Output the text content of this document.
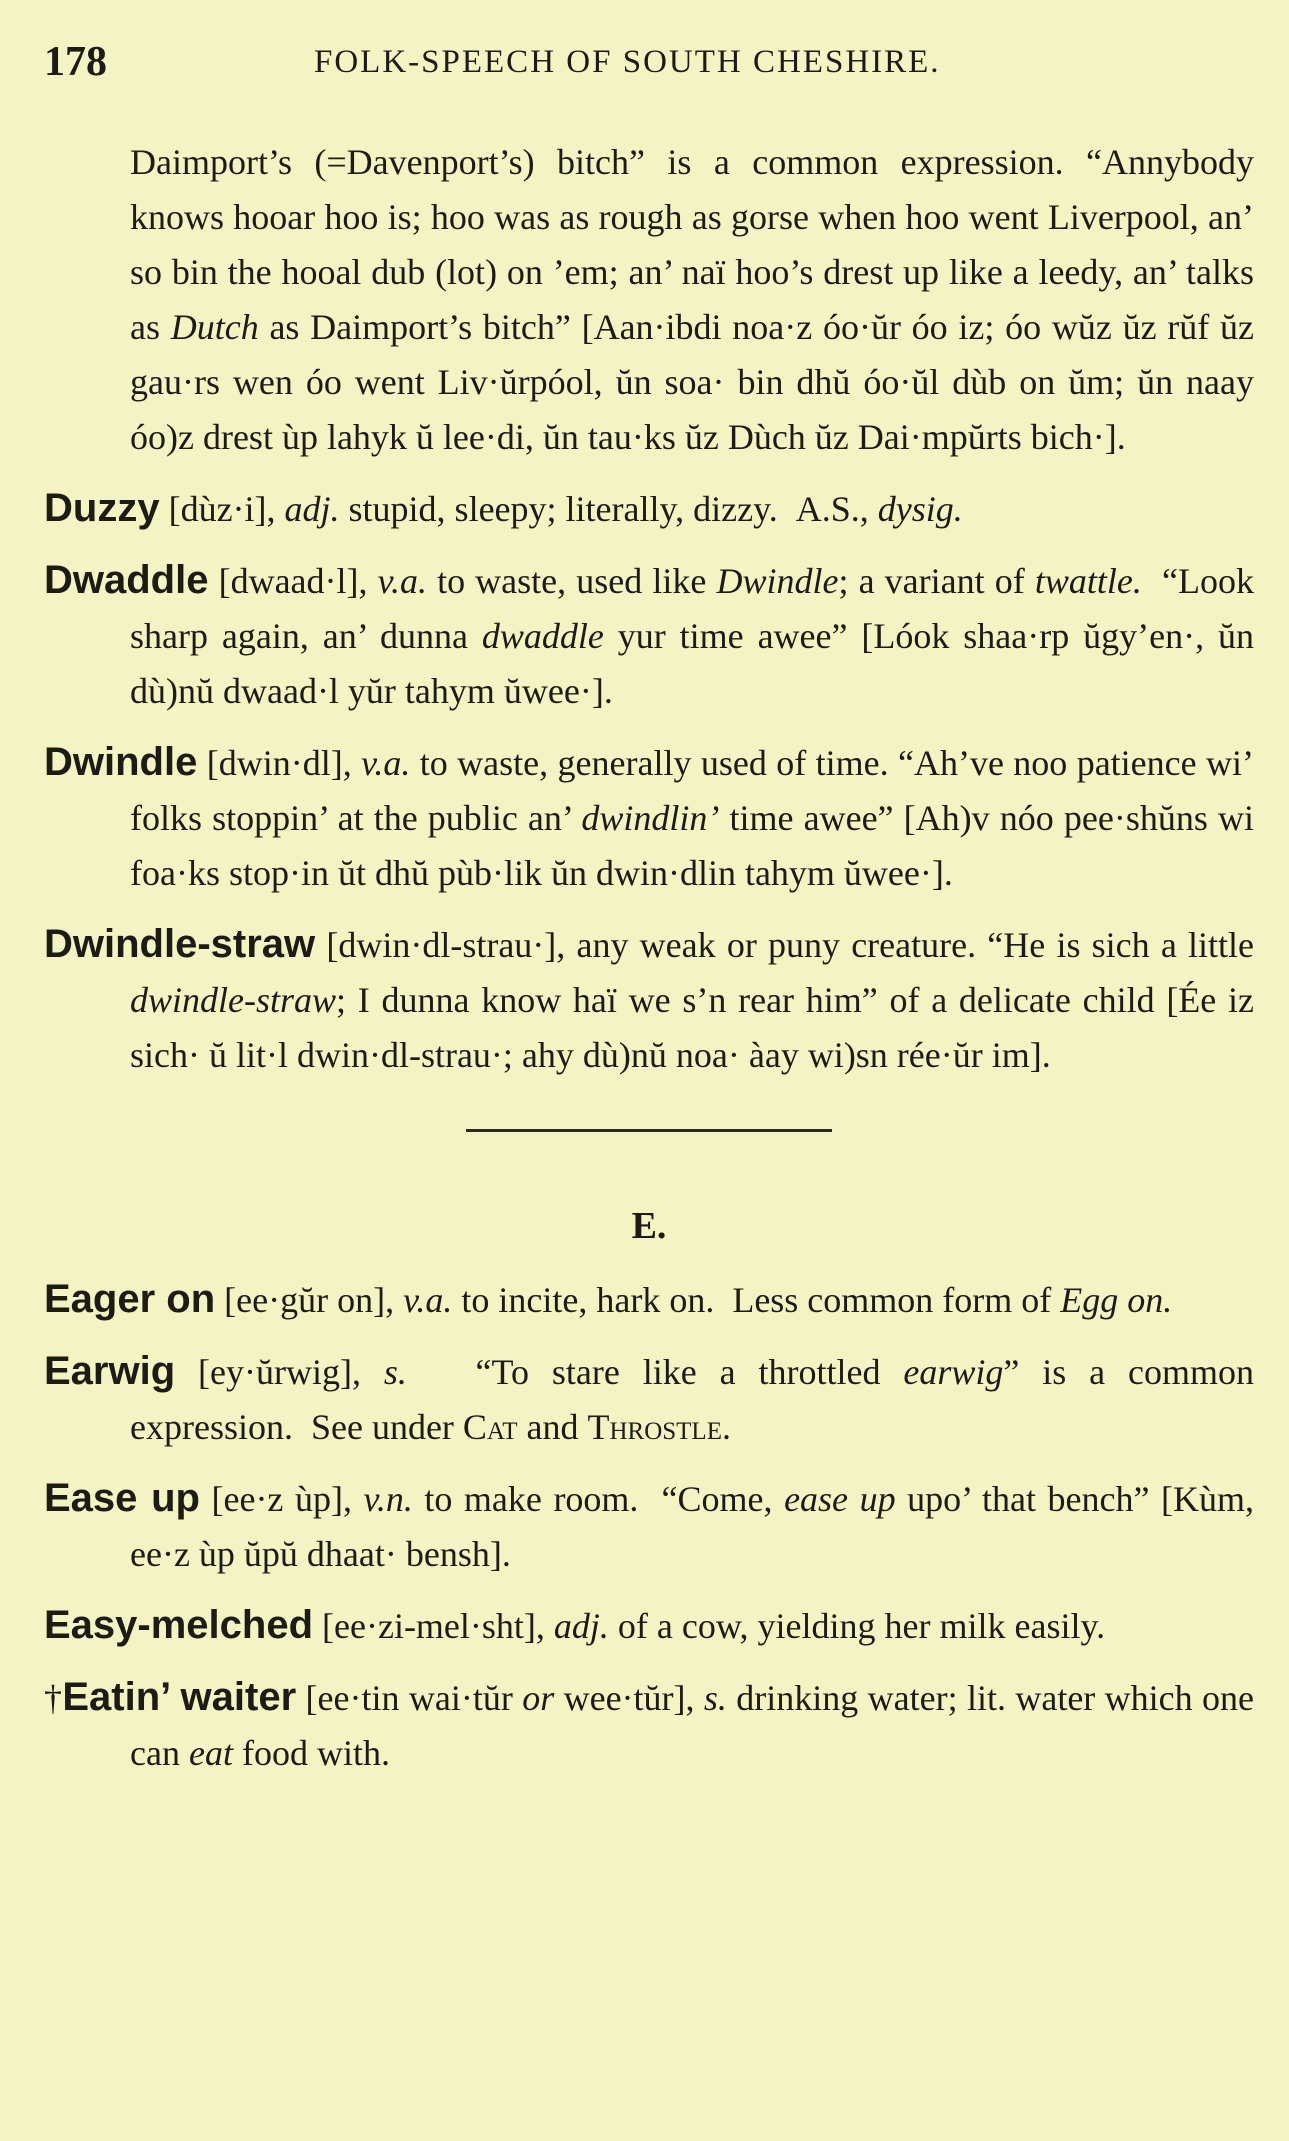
178	FOLK-SPEECH OF SOUTH CHESHIRE.
Daimport’s (=Davenport’s) bitch” is a common expression. “Annybody knows hooar hoo is; hoo was as rough as gorse when hoo went Liverpool, an’ so bin the hooal dub (lot) on ’em; an’ naï hoo’s drest up like a leedy, an’ talks as Dutch as Daimport’s bitch” [Aan·ibdi noa·z óo·ŭr óo iz; óo wŭz ŭz rŭf ŭz gau·rs wen óo went Liv·ŭrpóol, ŭn soa· bin dhŭ óo·ŭl dùb on ŭm; ŭn naay óo)z drest ùp lahyk ŭ lee·di, ŭn tau·ks ŭz Dùch ŭz Dai·mpŭrts bich·].
Duzzy [dùz·i], adj. stupid, sleepy; literally, dizzy.  A.S., dysig.
Dwaddle [dwaad·l], v.a. to waste, used like Dwindle; a variant of twattle.  “Look sharp again, an’ dunna dwaddle yur time awee” [Lóok shaa·rp ŭgy’en·, ŭn dù)nŭ dwaad·l yŭr tahym ŭwee·].
Dwindle [dwin·dl], v.a. to waste, generally used of time. “Ah’ve noo patience wi’ folks stoppin’ at the public an’ dwindlin’ time awee” [Ah)v nóo pee·shŭns wi foa·ks stop·in ŭt dhŭ pùb·lik ŭn dwin·dlin tahym ŭwee·].
Dwindle-straw [dwin·dl-strau·], any weak or puny creature. “He is sich a little dwindle-straw; I dunna know haï we s’n rear him” of a delicate child [Ée iz sich· ŭ lit·l dwin·dl-strau·; ahy dù)nŭ noa· àay wi)sn rée·ŭr im].
E.
Eager on [ee·gŭr on], v.a. to incite, hark on.  Less common form of Egg on.
Earwig [ey·ŭrwig], s.   “To stare like a throttled earwig” is a common expression.  See under Cat and Throstle.
Ease up [ee·z ùp], v.n. to make room.  “Come, ease up upo’ that bench” [Kùm, ee·z ùp ŭpŭ dhaat· bensh].
Easy-melched [ee·zi-mel·sht], adj. of a cow, yielding her milk easily.
†Eatin’ waiter [ee·tin wai·tŭr or wee·tŭr], s. drinking water; lit. water which one can eat food with.
